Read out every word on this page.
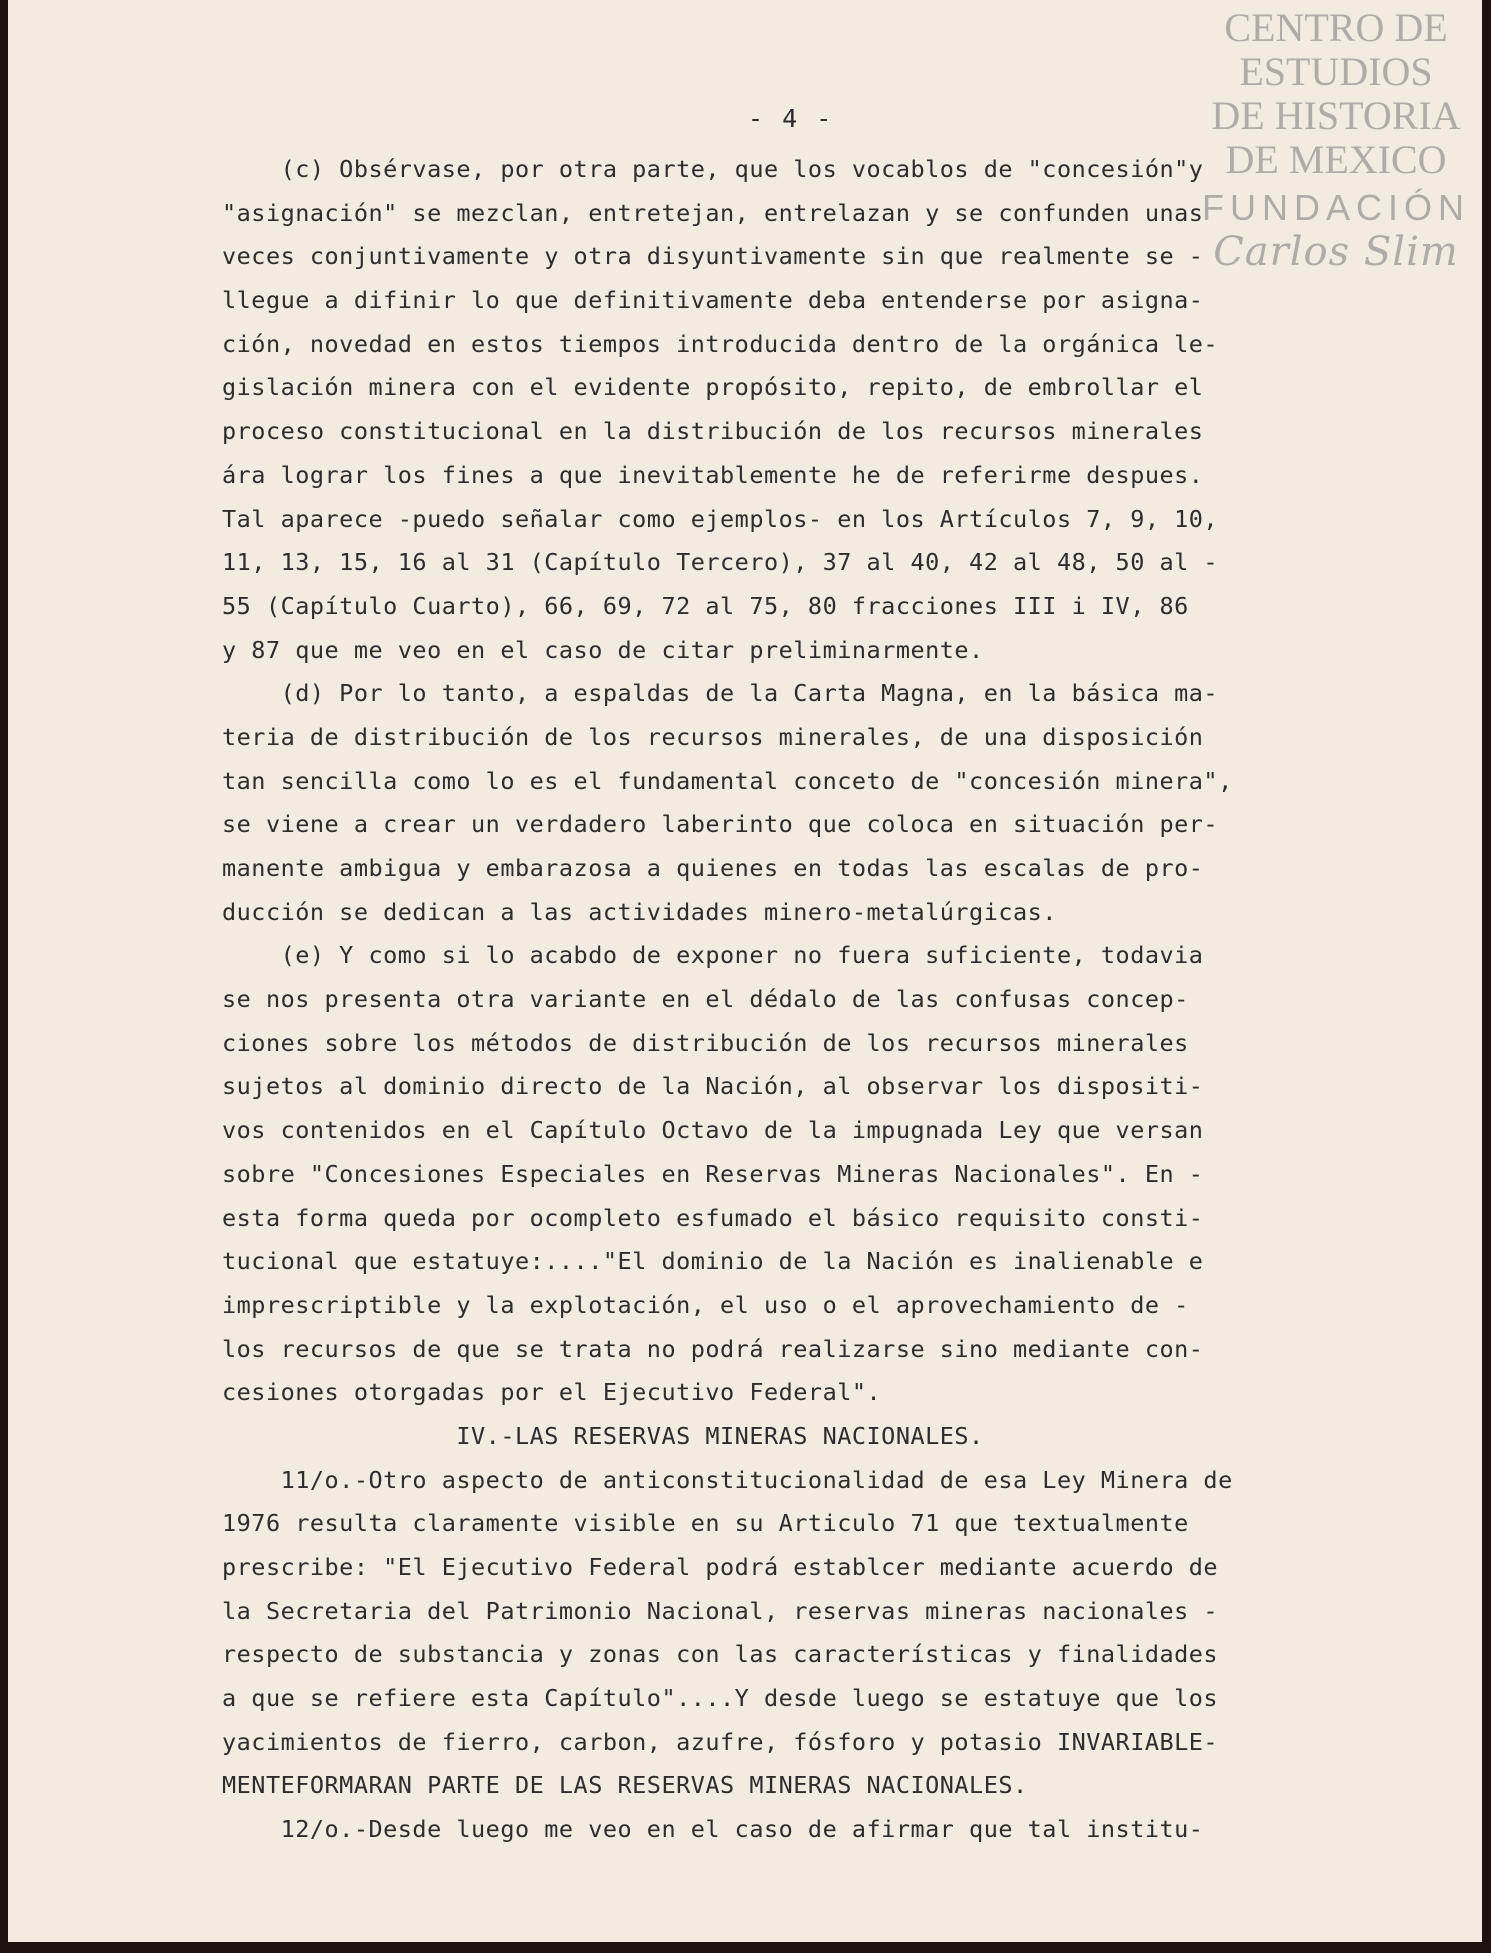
CENTRO DE
ESTUDIOS
DE HISTORIA
DE MEXICO
FUNDACIÓN
Carlos Slim
- 4 -
(c) Obsérvase, por otra parte, que los vocablos de "concesión"y
"asignación" se mezclan, entretejan, entrelazan y se confunden unas
veces conjuntivamente y otra disyuntivamente sin que realmente se -
llegue a difinir lo que definitivamente deba entenderse por asigna-
ción, novedad en estos tiempos introducida dentro de la orgánica le-
gislación minera con el evidente propósito, repito, de embrollar el
proceso constitucional en la distribución de los recursos minerales
ára lograr los fines a que inevitablemente he de referirme despues.
Tal aparece -puedo señalar como ejemplos- en los Artículos 7, 9, 10,
11, 13, 15, 16 al 31 (Capítulo Tercero), 37 al 40, 42 al 48, 50 al -
55 (Capítulo Cuarto), 66, 69, 72 al 75, 80 fracciones III i IV, 86
y 87 que me veo en el caso de citar preliminarmente.
(d) Por lo tanto, a espaldas de la Carta Magna, en la básica ma-
teria de distribución de los recursos minerales, de una disposición
tan sencilla como lo es el fundamental conceto de "concesión minera",
se viene a crear un verdadero laberinto que coloca en situación per-
manente ambigua y embarazosa a quienes en todas las escalas de pro-
ducción se dedican a las actividades minero-metalúrgicas.
(e) Y como si lo acabdo de exponer no fuera suficiente, todavia
se nos presenta otra variante en el dédalo de las confusas concep-
ciones sobre los métodos de distribución de los recursos minerales
sujetos al dominio directo de la Nación, al observar los dispositi-
vos contenidos en el Capítulo Octavo de la impugnada Ley que versan
sobre "Concesiones Especiales en Reservas Mineras Nacionales". En -
esta forma queda por ocompleto esfumado el básico requisito consti-
tucional que estatuye:...."El dominio de la Nación es inalienable e
imprescriptible y la explotación, el uso o el aprovechamiento de -
los recursos de que se trata no podrá realizarse sino mediante con-
cesiones otorgadas por el Ejecutivo Federal".
IV.-LAS RESERVAS MINERAS NACIONALES.
11/o.-Otro aspecto de anticonstitucionalidad de esa Ley Minera de
1976 resulta claramente visible en su Articulo 71 que textualmente
prescribe: "El Ejecutivo Federal podrá establcer mediante acuerdo de
la Secretaria del Patrimonio Nacional, reservas mineras nacionales -
respecto de substancia y zonas con las características y finalidades
a que se refiere esta Capítulo"....Y desde luego se estatuye que los
yacimientos de fierro, carbon, azufre, fósforo y potasio INVARIABLE-
MENTEFORMARAN PARTE DE LAS RESERVAS MINERAS NACIONALES.
12/o.-Desde luego me veo en el caso de afirmar que tal institu-
